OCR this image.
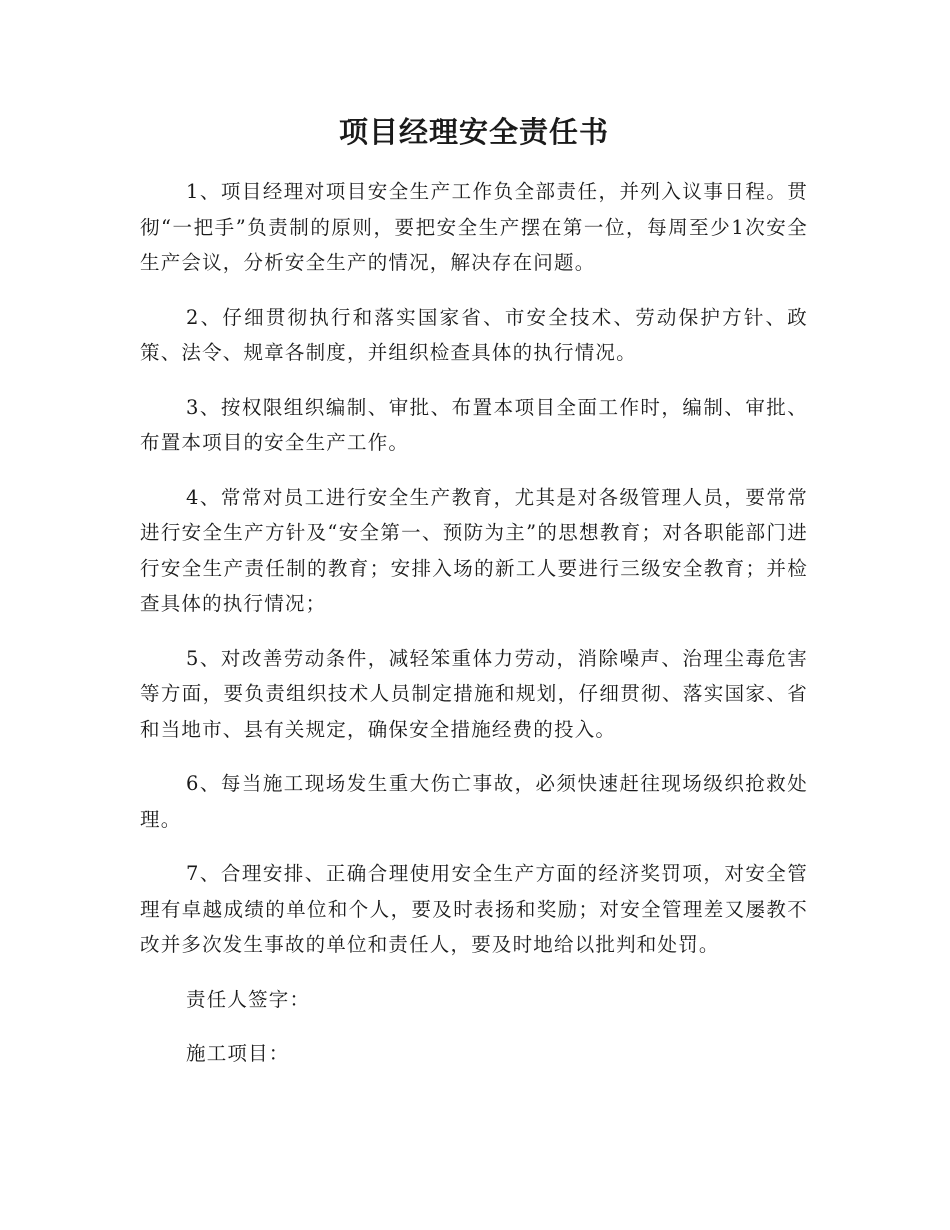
项目经理安全责任书

1、项目经理对项目安全生产工作负全部责任，并列入议事日程。贯彻“一把手”负责制的原则，要把安全生产摆在第一位，每周至少1次安全生产会议，分析安全生产的情况，解决存在问题。

2、仔细贯彻执行和落实国家省、市安全技术、劳动保护方针、政策、法令、规章各制度，并组织检查具体的执行情况。

3、按权限组织编制、审批、布置本项目全面工作时，编制、审批、布置本项目的安全生产工作。

4、常常对员工进行安全生产教育，尤其是对各级管理人员，要常常进行安全生产方针及“安全第一、预防为主”的思想教育；对各职能部门进行安全生产责任制的教育；安排入场的新工人要进行三级安全教育；并检查具体的执行情况；

5、对改善劳动条件，减轻笨重体力劳动，消除噪声、治理尘毒危害等方面，要负责组织技术人员制定措施和规划，仔细贯彻、落实国家、省和当地市、县有关规定，确保安全措施经费的投入。

6、每当施工现场发生重大伤亡事故，必须快速赶往现场级织抢救处理。

7、合理安排、正确合理使用安全生产方面的经济奖罚项，对安全管理有卓越成绩的单位和个人，要及时表扬和奖励；对安全管理差又屡教不改并多次发生事故的单位和责任人，要及时地给以批判和处罚。

责任人签字：

施工项目：
